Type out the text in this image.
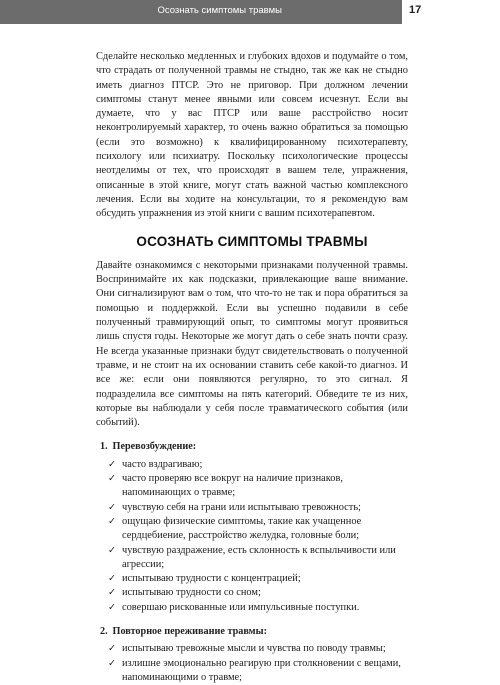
Осознать симптомы травмы	17

Сделайте несколько медленных и глубоких вдохов и подумайте о том, что страдать от полученной травмы не стыдно, так же как не стыдно иметь диагноз ПТСР. Это не приговор. При должном лечении симптомы станут менее явными или совсем исчезнут. Если вы думаете, что у вас ПТСР или ваше расстройство носит неконтролируемый характер, то очень важно обратиться за помощью (если это возможно) к квалифицированному психотерапевту, психологу или психиатру. Поскольку психологические процессы неотделимы от тех, что происходят в вашем теле, упражнения, описанные в этой книге, могут стать важной частью комплексного лечения. Если вы ходите на консультации, то я рекомендую вам обсудить упражнения из этой книги с вашим психотерапевтом.

ОСОЗНАТЬ СИМПТОМЫ ТРАВМЫ

Давайте ознакомимся с некоторыми признаками полученной травмы. Воспринимайте их как подсказки, привлекающие ваше внимание. Они сигнализируют вам о том, что что-то не так и пора обратиться за помощью и поддержкой. Если вы успешно подавили в себе полученный травмирующий опыт, то симптомы могут проявиться лишь спустя годы. Некоторые же могут дать о себе знать почти сразу. Не всегда указанные признаки будут свидетельствовать о полученной травме, и не стоит на их основании ставить себе какой-то диагноз. И все же: если они появляются регулярно, то это сигнал. Я подразделила все симптомы на пять категорий. Обведите те из них, которые вы наблюдали у себя после травматического события (или событий).

1. Перевозбуждение:
✓ часто вздрагиваю;
✓ часто проверяю все вокруг на наличие признаков, напоминающих о травме;
✓ чувствую себя на грани или испытываю тревожность;
✓ ощущаю физические симптомы, такие как учащенное сердцебиение, расстройство желудка, головные боли;
✓ чувствую раздражение, есть склонность к вспыльчивости или агрессии;
✓ испытываю трудности с концентрацией;
✓ испытываю трудности со сном;
✓ совершаю рискованные или импульсивные поступки.
2. Повторное переживание травмы:
✓ испытываю тревожные мысли и чувства по поводу травмы;
✓ излишне эмоционально реагирую при столкновении с вещами, напоминающими о травме;
